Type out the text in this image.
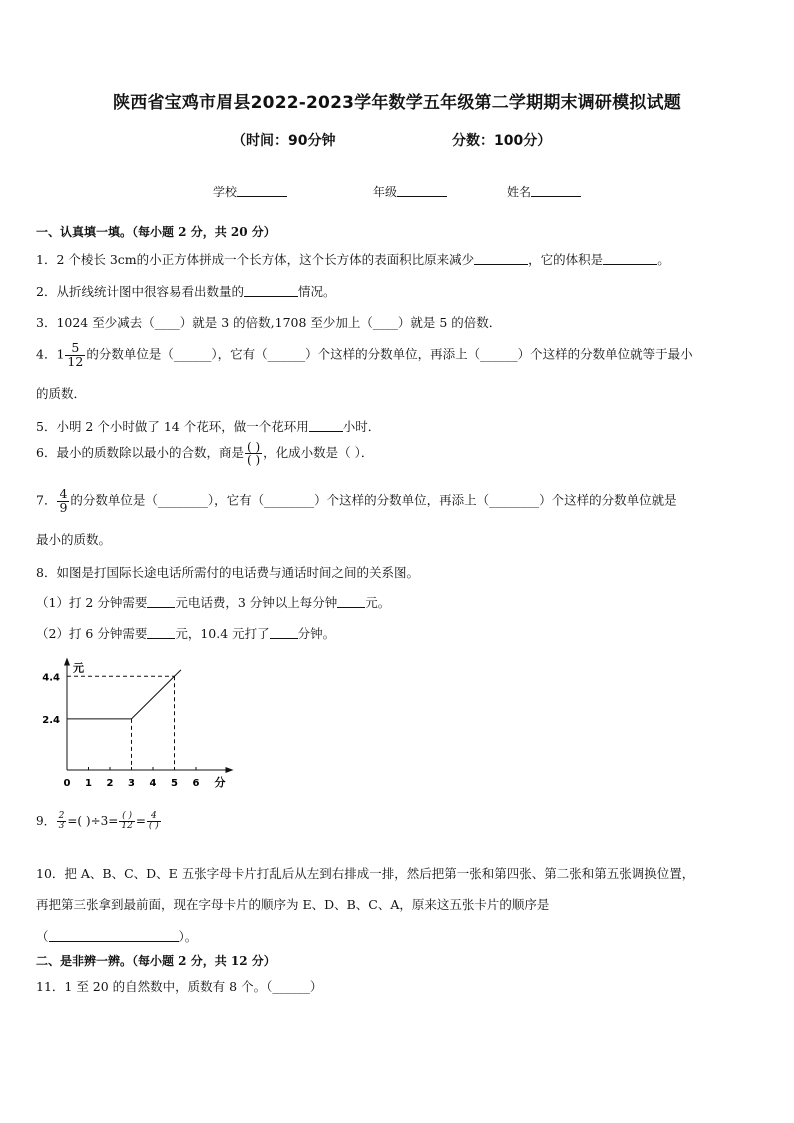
陕西省宝鸡市眉县2022-2023学年数学五年级第二学期期末调研模拟试题
（时间：90分钟	分数：100分）
学校	年级	姓名
一、认真填一填。（每小题 2 分，共 20 分）
1．2 个棱长 3cm的小正方体拼成一个长方体，这个长方体的表面积比原来减少	，它的体积是	。
2．从折线统计图中很容易看出数量的	情况。
3．1024 至少减去（____）就是 3 的倍数,1708 至少加上（____）就是 5 的倍数．
4．$1 \frac{5}{12}$ 的分数单位是（______），它有（______）个这样的分数单位，再添上（______）个这样的分数单位就等于最小
的质数．
5．小明 2 个小时做了 14 个花环，做一个花环用	小时．
6．最小的质数除以最小的合数，商是 $\frac{( )}{( )}$ ，化成小数是（ ）．
7． $\frac{4}{9}$ 的分数单位是（________），它有（________）个这样的分数单位，再添上（________）个这样的分数单位就是
最小的质数。
8．如图是打国际长途电话所需付的电话费与通话时间之间的关系图。
（1）打 2 分钟需要 元电话费，3 分钟以上每分钟 元。
（2）打 6 分钟需要 元，10.4 元打了 分钟。
元
分
0 1 2 3 4 5 6
2.4
4.4
9． $\frac{2}{3}$ =( )$\div 3= \frac{( )}{12} = \frac{4}{( )}$
10．把 A、B、C、D、E 五张字母卡片打乱后从左到右排成一排，然后把第一张和第四张、第二张和第五张调换位置，
再把第三张拿到最前面，现在字母卡片的顺序为 E、D、B、C、A，原来这五张卡片的顺序是
（	）。
二、是非辨一辨。（每小题 2 分，共 12 分）
11．1 至 20 的自然数中，质数有 8 个。（______）
